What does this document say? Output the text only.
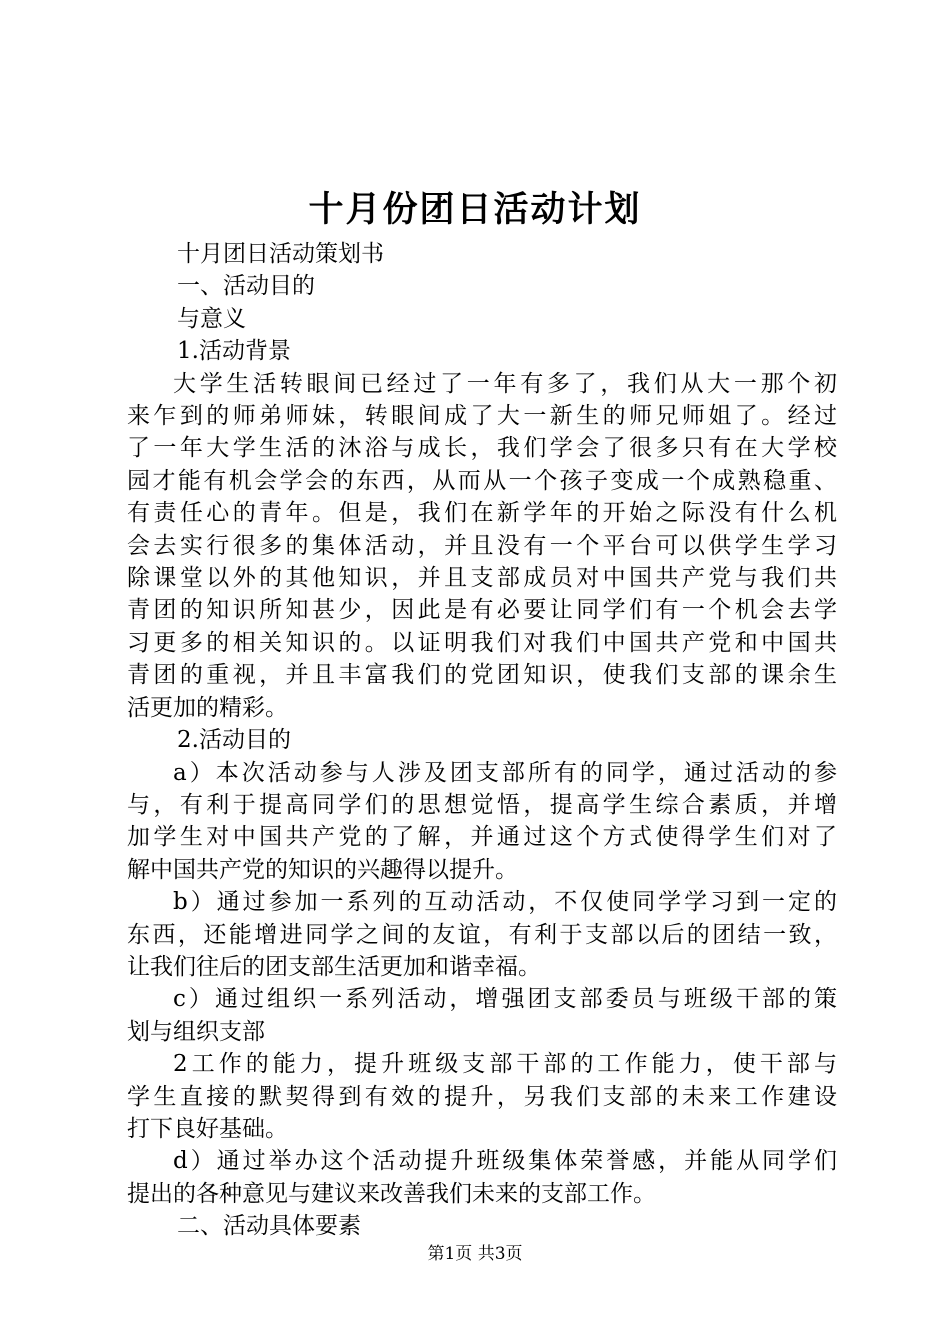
十月份团日活动计划
十月团日活动策划书
一、活动目的
与意义
1.活动背景
大学生活转眼间已经过了一年有多了，我们从大一那个初
来乍到的师弟师妹，转眼间成了大一新生的师兄师姐了。经过
了一年大学生活的沐浴与成长，我们学会了很多只有在大学校
园才能有机会学会的东西，从而从一个孩子变成一个成熟稳重、
有责任心的青年。但是，我们在新学年的开始之际没有什么机
会去实行很多的集体活动，并且没有一个平台可以供学生学习
除课堂以外的其他知识，并且支部成员对中国共产党与我们共
青团的知识所知甚少，因此是有必要让同学们有一个机会去学
习更多的相关知识的。以证明我们对我们中国共产党和中国共
青团的重视，并且丰富我们的党团知识，使我们支部的课余生
活更加的精彩。
2.活动目的
a）本次活动参与人涉及团支部所有的同学，通过活动的参
与，有利于提高同学们的思想觉悟，提高学生综合素质，并增
加学生对中国共产党的了解，并通过这个方式使得学生们对了
解中国共产党的知识的兴趣得以提升。
b）通过参加一系列的互动活动，不仅使同学学习到一定的
东西，还能增进同学之间的友谊，有利于支部以后的团结一致，
让我们往后的团支部生活更加和谐幸福。
c）通过组织一系列活动，增强团支部委员与班级干部的策
划与组织支部
2工作的能力，提升班级支部干部的工作能力，使干部与
学生直接的默契得到有效的提升，另我们支部的未来工作建设
打下良好基础。
d）通过举办这个活动提升班级集体荣誉感，并能从同学们
提出的各种意见与建议来改善我们未来的支部工作。
二、活动具体要素
第1页 共3页
